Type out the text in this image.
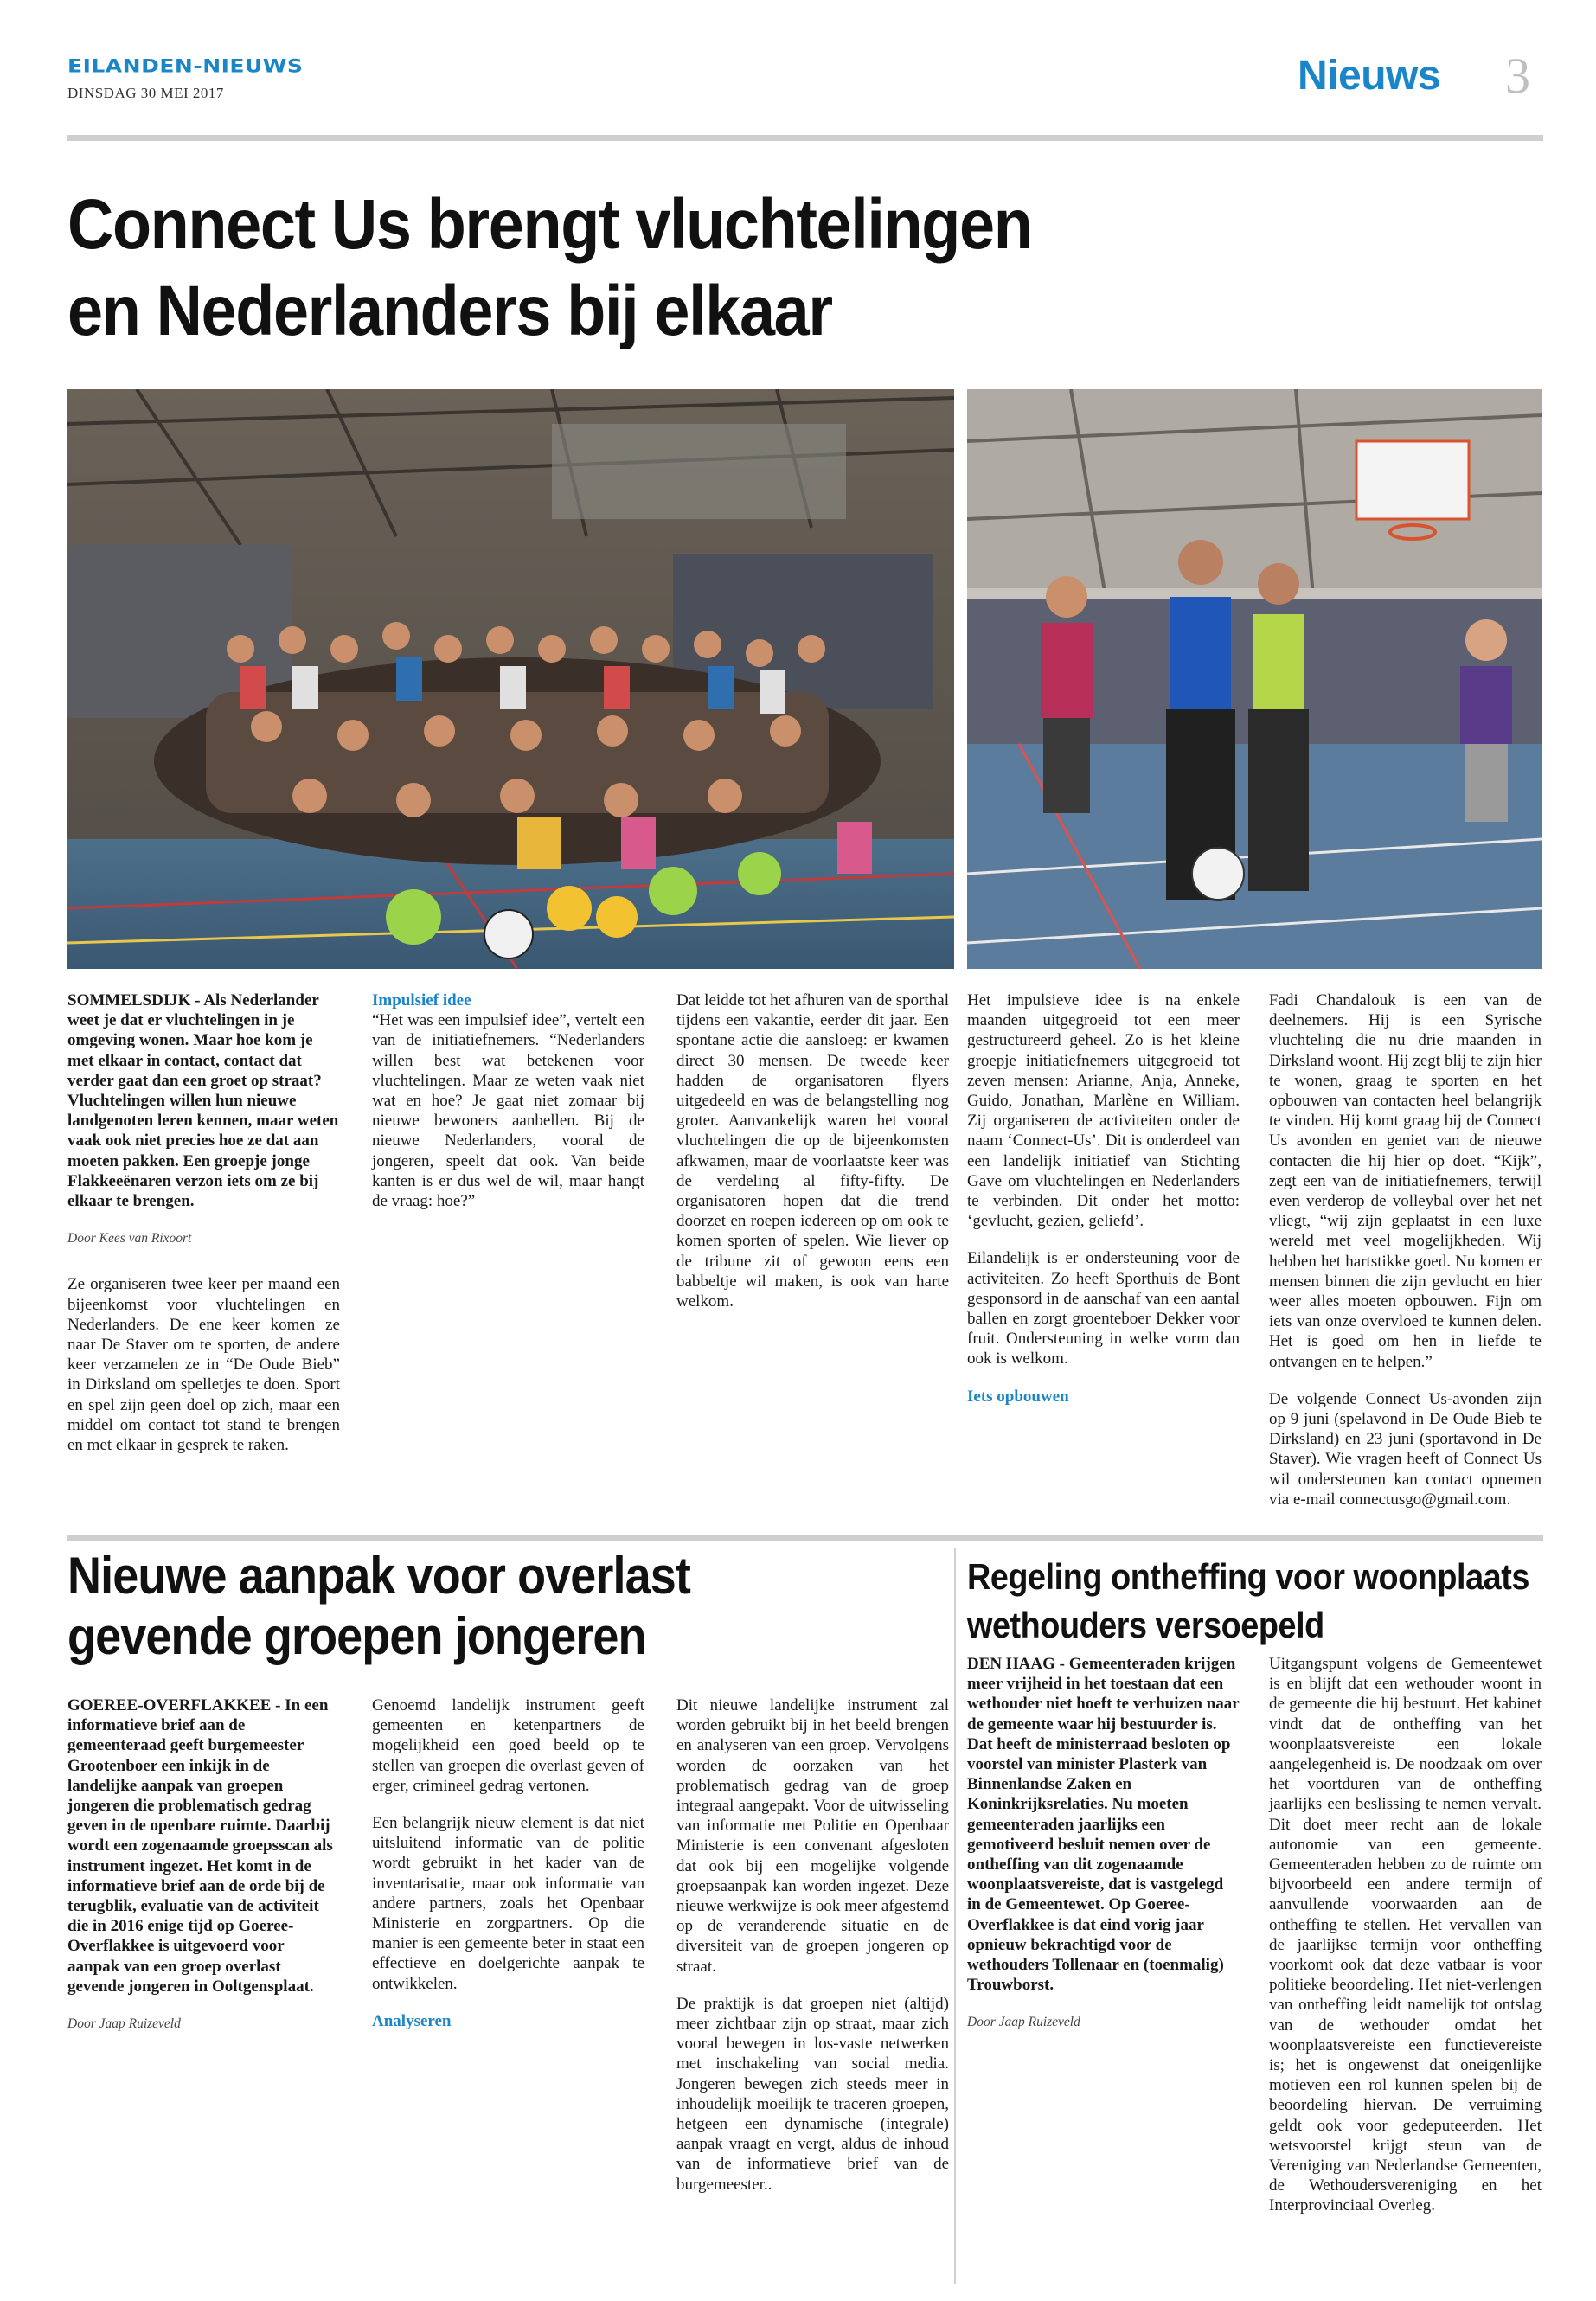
EILANDEN-NIEUWS
DINSDAG 30 MEI 2017	Nieuws 3
Connect Us brengt vluchtelingen
en Nederlanders bij elkaar

SOMMELSDIJK - Als Nederlander weet je dat er vluchtelingen in je omgeving wonen. Maar hoe kom je met elkaar in contact, contact dat verder gaat dan een groet op straat? Vluchtelingen willen hun nieuwe landgenoten leren kennen, maar weten vaak ook niet precies hoe ze dat aan moeten pakken. Een groepje jonge Flakkeeënaren verzon iets om ze bij elkaar te brengen.

Door Kees van Rixoort

Ze organiseren twee keer per maand een bijeenkomst voor vluchtelingen en Nederlanders. De ene keer komen ze naar De Staver om te sporten, de andere keer verzamelen ze in “De Oude Bieb” in Dirksland om spelletjes te doen. Sport en spel zijn geen doel op zich, maar een middel om contact tot stand te brengen en met elkaar in gesprek te raken.

Impulsief idee

“Het was een impulsief idee”, vertelt een van de initiatiefnemers. “Nederlanders willen best wat betekenen voor vluchtelingen. Maar ze weten vaak niet wat en hoe? Je gaat niet zomaar bij nieuwe bewoners aanbellen. Bij de nieuwe Nederlanders, vooral de jongeren, speelt dat ook. Van beide kanten is er dus wel de wil, maar hangt de vraag: hoe?”

Dat leidde tot het afhuren van de sporthal tijdens een vakantie, eerder dit jaar. Een spontane actie die aansloeg: er kwamen direct 30 mensen. De tweede keer hadden de organisatoren flyers uitgedeeld en was de belangstelling nog groter. Aanvankelijk waren het vooral vluchtelingen die op de bijeenkomsten afkwamen, maar de voorlaatste keer was de verdeling al fifty-fifty. De organisatoren hopen dat die trend doorzet en roepen iedereen op om ook te komen sporten of spelen. Wie liever op de tribune zit of gewoon eens een babbeltje wil maken, is ook van harte welkom.

Het impulsieve idee is na enkele maanden uitgegroeid tot een meer gestructureerd geheel. Zo is het kleine groepje initiatiefnemers uitgegroeid tot zeven mensen: Arianne, Anja, Anneke, Guido, Jonathan, Marlène en William. Zij organiseren de activiteiten onder de naam ‘Connect-Us’. Dit is onderdeel van een landelijk initiatief van Stichting Gave om vluchtelingen en Nederlanders te verbinden. Dit onder het motto: ‘gevlucht, gezien, geliefd’.

Eilandelijk is er ondersteuning voor de activiteiten. Zo heeft Sporthuis de Bont gesponsord in de aanschaf van een aantal ballen en zorgt groenteboer Dekker voor fruit. Ondersteuning in welke vorm dan ook is welkom.

Iets opbouwen

Fadi Chandalouk is een van de deelnemers. Hij is een Syrische vluchteling die nu drie maanden in Dirksland woont. Hij zegt blij te zijn hier te wonen, graag te sporten en het opbouwen van contacten heel belangrijk te vinden. Hij komt graag bij de Connect Us avonden en geniet van de nieuwe contacten die hij hier op doet. “Kijk”, zegt een van de initiatiefnemers, terwijl even verderop de volleybal over het net vliegt, “wij zijn geplaatst in een luxe wereld met veel mogelijkheden. Wij hebben het hartstikke goed. Nu komen er mensen binnen die zijn gevlucht en hier weer alles moeten opbouwen. Fijn om iets van onze overvloed te kunnen delen. Het is goed om hen in liefde te ontvangen en te helpen.”

De volgende Connect Us-avonden zijn op 9 juni (spelavond in De Oude Bieb te Dirksland) en 23 juni (sportavond in De Staver). Wie vragen heeft of Connect Us wil ondersteunen kan contact opnemen via e-mail connectusgo@gmail.com.

Nieuwe aanpak voor overlast
gevende groepen jongeren

GOEREE-OVERFLAKKEE - In een informatieve brief aan de gemeenteraad geeft burgemeester Grootenboer een inkijk in de landelijke aanpak van groepen jongeren die problematisch gedrag geven in de openbare ruimte. Daarbij wordt een zogenaamde groepsscan als instrument ingezet. Het komt in de informatieve brief aan de orde bij de terugblik, evaluatie van de activiteit die in 2016 enige tijd op Goeree-Overflakkee is uitgevoerd voor aanpak van een groep overlast gevende jongeren in Ooltgensplaat.

Door Jaap Ruizeveld

Genoemd landelijk instrument geeft gemeenten en ketenpartners de mogelijkheid een goed beeld op te stellen van groepen die overlast geven of erger, crimineel gedrag vertonen.

Een belangrijk nieuw element is dat niet uitsluitend informatie van de politie wordt gebruikt in het kader van de inventarisatie, maar ook informatie van andere partners, zoals het Openbaar Ministerie en zorgpartners. Op die manier is een gemeente beter in staat een effectieve en doelgerichte aanpak te ontwikkelen.

Analyseren

Dit nieuwe landelijke instrument zal worden gebruikt bij in het beeld brengen en analyseren van een groep. Vervolgens worden de oorzaken van het problematisch gedrag van de groep integraal aangepakt. Voor de uitwisseling van informatie met Politie en Openbaar Ministerie is een convenant afgesloten dat ook bij een mogelijke volgende groepsaanpak kan worden ingezet. Deze nieuwe werkwijze is ook meer afgestemd op de veranderende situatie en de diversiteit van de groepen jongeren op straat.

De praktijk is dat groepen niet (altijd) meer zichtbaar zijn op straat, maar zich vooral bewegen in los-vaste netwerken met inschakeling van social media. Jongeren bewegen zich steeds meer in inhoudelijk moeilijk te traceren groepen, hetgeen een dynamische (integrale) aanpak vraagt en vergt, aldus de inhoud van de informatieve brief van de burgemeester..

Regeling ontheffing voor woonplaats
wethouders versoepeld

DEN HAAG - Gemeenteraden krijgen meer vrijheid in het toestaan dat een wethouder niet hoeft te verhuizen naar de gemeente waar hij bestuurder is. Dat heeft de ministerraad besloten op voorstel van minister Plasterk van Binnenlandse Zaken en Koninkrijksrelaties. Nu moeten gemeenteraden jaarlijks een gemotiveerd besluit nemen over de ontheffing van dit zogenaamde woonplaatsvereiste, dat is vastgelegd in de Gemeentewet. Op Goeree-Overflakkee is dat eind vorig jaar opnieuw bekrachtigd voor de wethouders Tollenaar en (toenmalig) Trouwborst.

Door Jaap Ruizeveld

Uitgangspunt volgens de Gemeentewet is en blijft dat een wethouder woont in de gemeente die hij bestuurt. Het kabinet vindt dat de ontheffing van het woonplaatsvereiste een lokale aangelegenheid is. De noodzaak om over het voortduren van de ontheffing jaarlijks een beslissing te nemen vervalt. Dit doet meer recht aan de lokale autonomie van een gemeente. Gemeenteraden hebben zo de ruimte om bijvoorbeeld een andere termijn of aanvullende voorwaarden aan de ontheffing te stellen. Het vervallen van de jaarlijkse termijn voor ontheffing voorkomt ook dat deze vatbaar is voor politieke beoordeling. Het niet-verlengen van ontheffing leidt namelijk tot ontslag van de wethouder omdat het woonplaatsvereiste een functievereiste is; het is ongewenst dat oneigenlijke motieven een rol kunnen spelen bij de beoordeling hiervan. De verruiming geldt ook voor gedeputeerden. Het wetsvoorstel krijgt steun van de Vereniging van Nederlandse Gemeenten, de Wethoudersvereniging en het Interprovinciaal Overleg.
